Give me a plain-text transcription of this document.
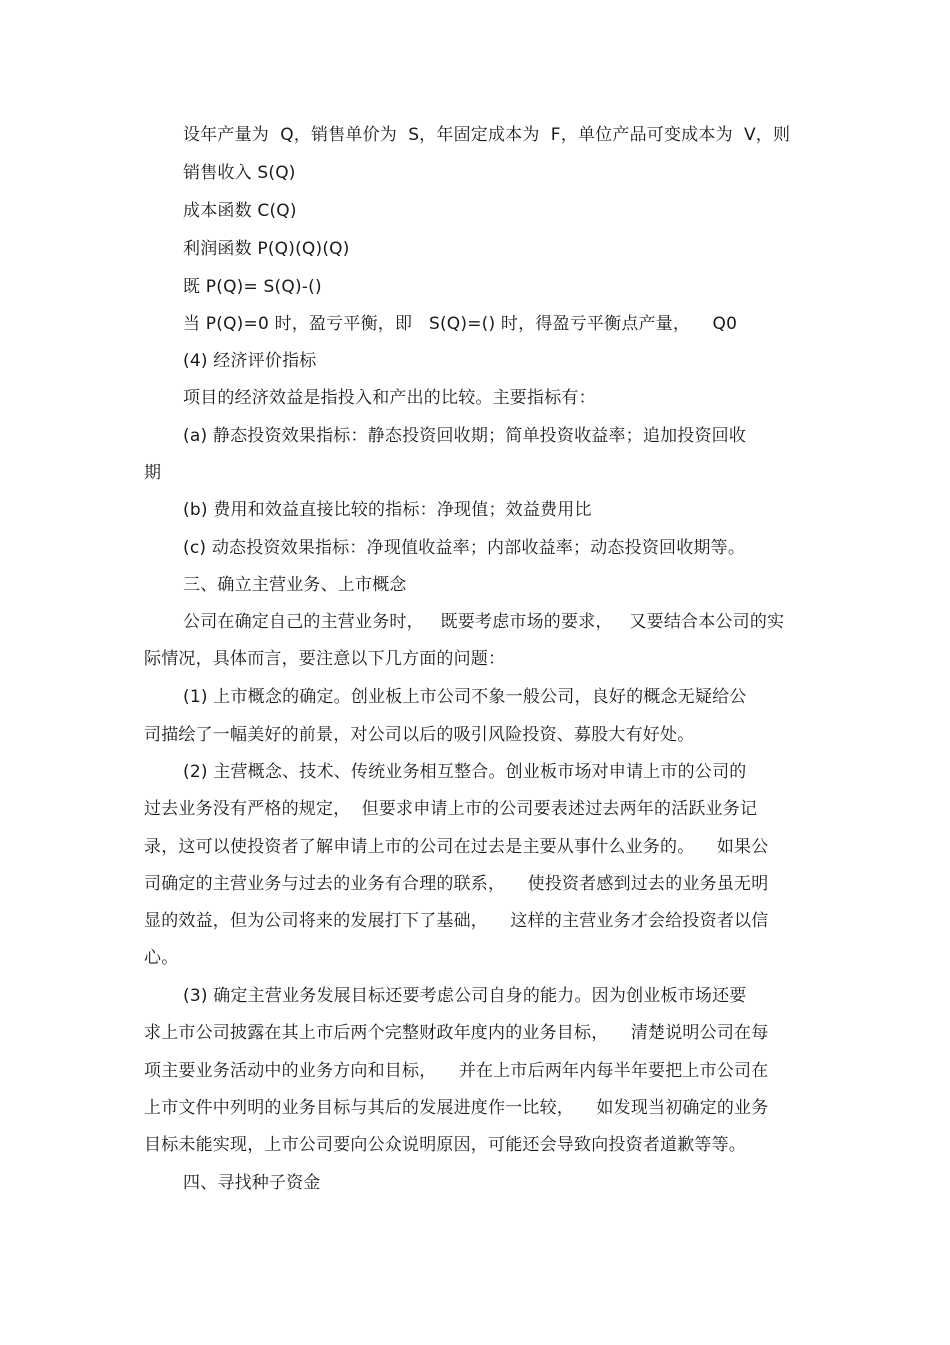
设年产量为  Q，销售单价为  S，年固定成本为  F，单位产品可变成本为  V，则
销售收入 S(Q)
成本函数 C(Q)
利润函数 P(Q)(Q)(Q)
既 P(Q)= S(Q)-()
当 P(Q)=0 时，盈亏平衡，即   S(Q)=() 时，得盈亏平衡点产量，    Q0
(4) 经济评价指标
项目的经济效益是指投入和产出的比较。主要指标有：
(a) 静态投资效果指标：静态投资回收期；简单投资收益率；追加投资回收
期
(b) 费用和效益直接比较的指标：净现值；效益费用比
(c) 动态投资效果指标：净现值收益率；内部收益率；动态投资回收期等。
三、确立主营业务、上市概念
公司在确定自己的主营业务时，   既要考虑市场的要求，   又要结合本公司的实
际情况，具体而言，要注意以下几方面的问题：
(1) 上市概念的确定。创业板上市公司不象一般公司，良好的概念无疑给公
司描绘了一幅美好的前景，对公司以后的吸引风险投资、募股大有好处。
(2) 主营概念、技术、传统业务相互整合。创业板市场对申请上市的公司的
过去业务没有严格的规定，  但要求申请上市的公司要表述过去两年的活跃业务记
录，这可以使投资者了解申请上市的公司在过去是主要从事什么业务的。    如果公
司确定的主营业务与过去的业务有合理的联系，    使投资者感到过去的业务虽无明
显的效益，但为公司将来的发展打下了基础，    这样的主营业务才会给投资者以信
心。
(3) 确定主营业务发展目标还要考虑公司自身的能力。因为创业板市场还要
求上市公司披露在其上市后两个完整财政年度内的业务目标，    清楚说明公司在每
项主要业务活动中的业务方向和目标，    并在上市后两年内每半年要把上市公司在
上市文件中列明的业务目标与其后的发展进度作一比较，    如发现当初确定的业务
目标未能实现，上市公司要向公众说明原因，可能还会导致向投资者道歉等等。
四、寻找种子资金
